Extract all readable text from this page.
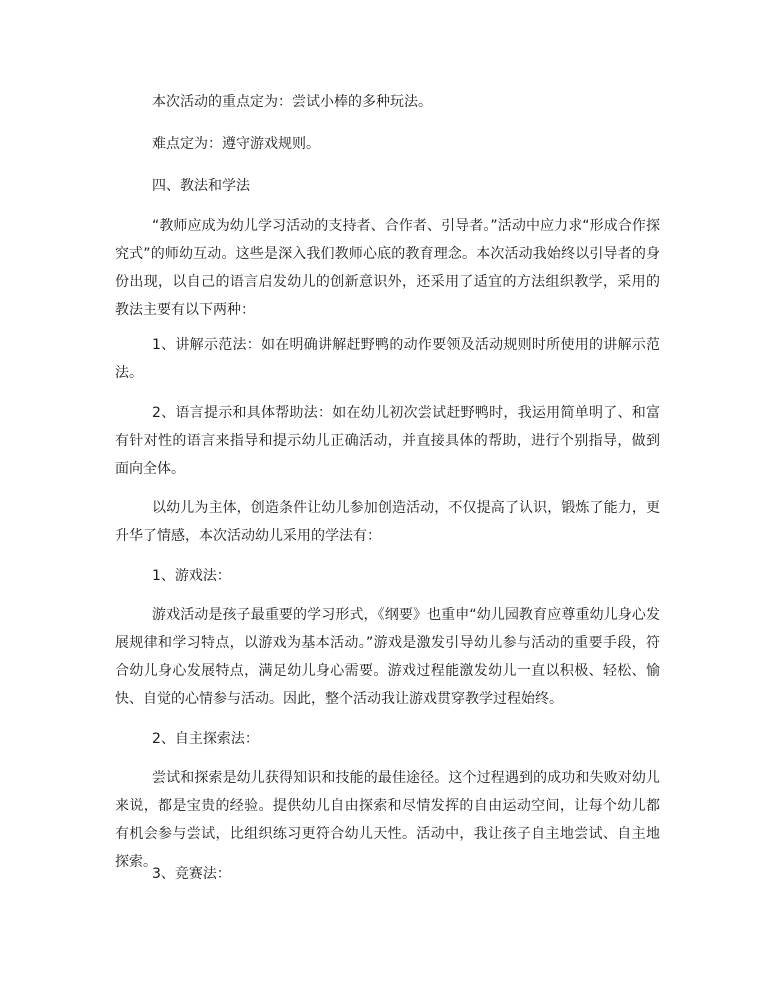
本次活动的重点定为：尝试小棒的多种玩法。

难点定为：遵守游戏规则。

四、教法和学法

“教师应成为幼儿学习活动的支持者、合作者、引导者。”活动中应力求“形成合作探究式”的师幼互动。这些是深入我们教师心底的教育理念。本次活动我始终以引导者的身份出现，以自己的语言启发幼儿的创新意识外，还采用了适宜的方法组织教学，采用的教法主要有以下两种：

1、讲解示范法：如在明确讲解赶野鸭的动作要领及活动规则时所使用的讲解示范法。

2、语言提示和具体帮助法：如在幼儿初次尝试赶野鸭时，我运用简单明了、和富有针对性的语言来指导和提示幼儿正确活动，并直接具体的帮助，进行个别指导，做到面向全体。

以幼儿为主体，创造条件让幼儿参加创造活动，不仅提高了认识，锻炼了能力，更升华了情感，本次活动幼儿采用的学法有：

1、游戏法：

游戏活动是孩子最重要的学习形式，《纲要》也重申“幼儿园教育应尊重幼儿身心发展规律和学习特点，以游戏为基本活动。”游戏是激发引导幼儿参与活动的重要手段，符合幼儿身心发展特点，满足幼儿身心需要。游戏过程能激发幼儿一直以积极、轻松、愉快、自觉的心情参与活动。因此，整个活动我让游戏贯穿教学过程始终。

2、自主探索法：

尝试和探索是幼儿获得知识和技能的最佳途径。这个过程遇到的成功和失败对幼儿来说，都是宝贵的经验。提供幼儿自由探索和尽情发挥的自由运动空间，让每个幼儿都有机会参与尝试，比组织练习更符合幼儿天性。活动中，我让孩子自主地尝试、自主地探索。

3、竞赛法：
